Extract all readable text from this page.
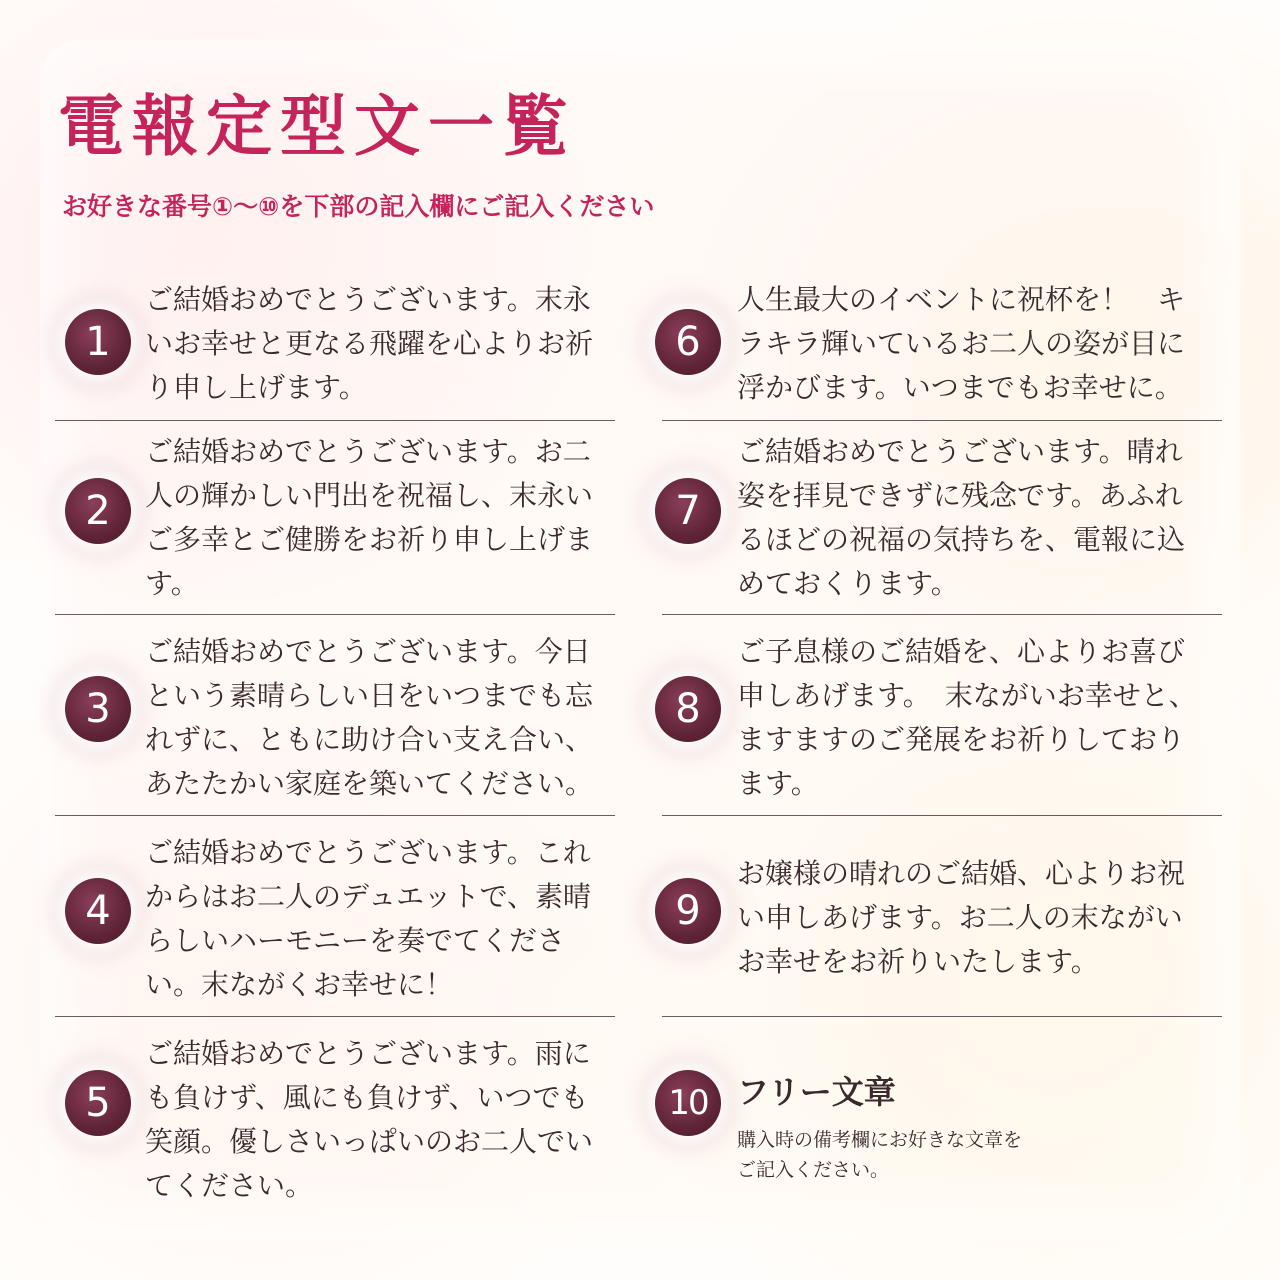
電報定型文一覧

お好きな番号①〜⑩を下部の記入欄にご記入ください

1

ご結婚おめでとうございます。末永
いお幸せと更なる飛躍を心よりお祈
り申し上げます。

2

ご結婚おめでとうございます。お二
人の輝かしい門出を祝福し、末永い
ご多幸とご健勝をお祈り申し上げま
す。

3

ご結婚おめでとうございます。今日
という素晴らしい日をいつまでも忘
れずに、ともに助け合い支え合い、
あたたかい家庭を築いてください。

4

ご結婚おめでとうございます。これ
からはお二人のデュエットで、素晴
らしいハーモニーを奏でてくださ
い。末ながくお幸せに！

5

ご結婚おめでとうございます。雨に
も負けず、風にも負けず、いつでも
笑顔。優しさいっぱいのお二人でい
てください。

6

人生最大のイベントに祝杯を！　キ
ラキラ輝いているお二人の姿が目に
浮かびます。いつまでもお幸せに。

7

ご結婚おめでとうございます。晴れ
姿を拝見できずに残念です。あふれ
るほどの祝福の気持ちを、電報に込
めておくります。

8

ご子息様のご結婚を、心よりお喜び
申しあげます。　末ながいお幸せと、
ますますのご発展をお祈りしており
ます。

9

お嬢様の晴れのご結婚、心よりお祝
い申しあげます。お二人の末ながい
お幸せをお祈りいたします。

10 フリー文章

購入時の備考欄にお好きな文章を
ご記入ください。
